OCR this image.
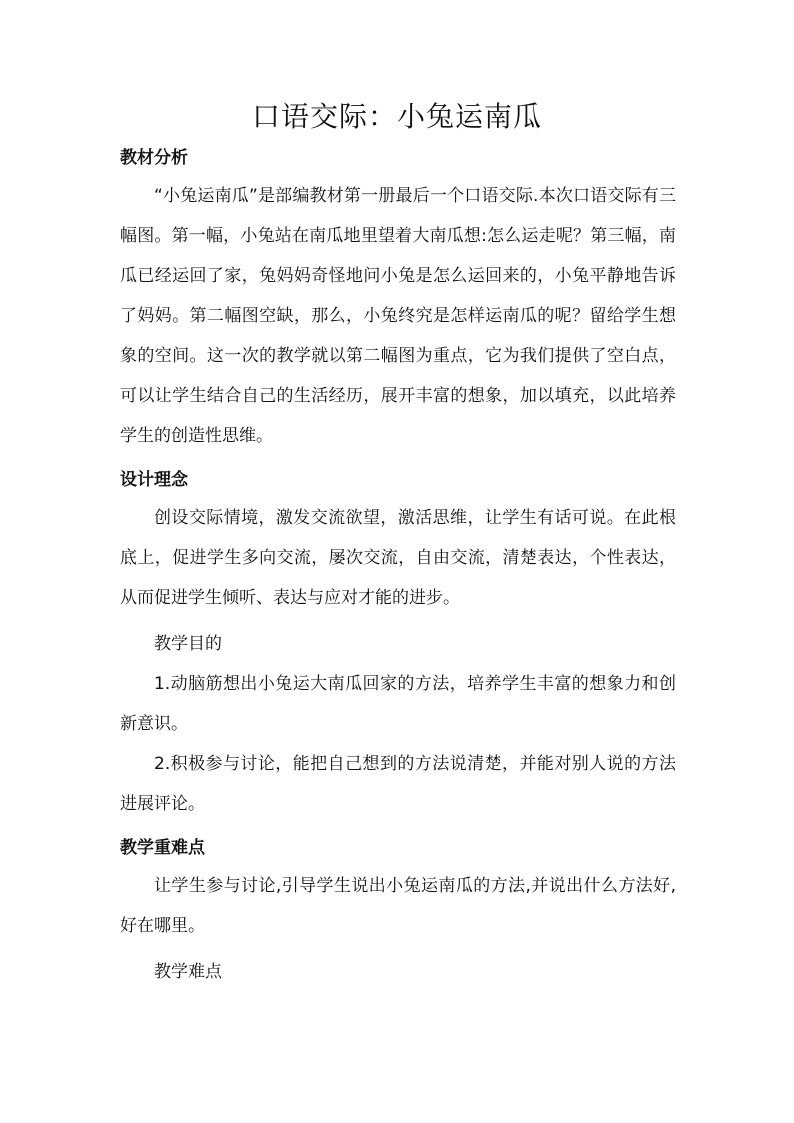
口语交际：小兔运南瓜

教材分析

“小兔运南瓜”是部编教材第一册最后一个口语交际.本次口语交际有三幅图。第一幅，小兔站在南瓜地里望着大南瓜想:怎么运走呢？第三幅，南瓜已经运回了家，兔妈妈奇怪地问小兔是怎么运回来的，小兔平静地告诉了妈妈。第二幅图空缺，那么，小兔终究是怎样运南瓜的呢？留给学生想象的空间。这一次的教学就以第二幅图为重点，它为我们提供了空白点，可以让学生结合自己的生活经历，展开丰富的想象，加以填充，以此培养学生的创造性思维。

设计理念

创设交际情境，激发交流欲望，激活思维，让学生有话可说。在此根底上，促进学生多向交流，屡次交流，自由交流，清楚表达，个性表达，从而促进学生倾听、表达与应对才能的进步。

教学目的

1.动脑筋想出小兔运大南瓜回家的方法，培养学生丰富的想象力和创新意识。

2.积极参与讨论，能把自己想到的方法说清楚，并能对别人说的方法进展评论。

教学重难点

让学生参与讨论,引导学生说出小兔运南瓜的方法,并说出什么方法好,好在哪里。

教学难点
